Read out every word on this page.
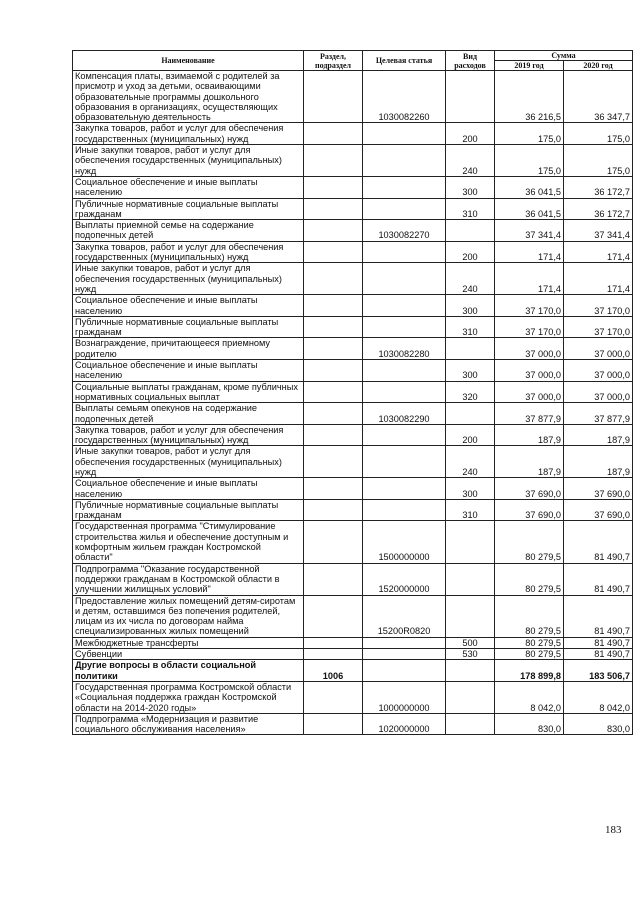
Наименование	Раздел, подраздел	Целевая статья	Вид расходов	Сумма	
				2019 год	2020 год
Компенсация платы, взимаемой с родителей за присмотр и уход за детьми, осваивающими образовательные программы дошкольного образования в организациях, осуществляющих образовательную деятельность		1030082260		36 216,5	36 347,7
Закупка товаров, работ и услуг для обеспечения государственных (муниципальных) нужд			200	175,0	175,0
Иные закупки товаров, работ и услуг для обеспечения государственных (муниципальных) нужд			240	175,0	175,0
Социальное обеспечение и иные выплаты населению			300	36 041,5	36 172,7
Публичные нормативные социальные выплаты гражданам			310	36 041,5	36 172,7
Выплаты приемной семье на содержание подопечных детей		1030082270		37 341,4	37 341,4
Закупка товаров, работ и услуг для обеспечения государственных (муниципальных) нужд			200	171,4	171,4
Иные закупки товаров, работ и услуг для обеспечения государственных (муниципальных) нужд			240	171,4	171,4
Социальное обеспечение и иные выплаты населению			300	37 170,0	37 170,0
Публичные нормативные социальные выплаты гражданам			310	37 170,0	37 170,0
Вознаграждение, причитающееся приемному родителю		1030082280		37 000,0	37 000,0
Социальное обеспечение и иные выплаты населению			300	37 000,0	37 000,0
Социальные выплаты гражданам, кроме публичных нормативных социальных выплат			320	37 000,0	37 000,0
Выплаты семьям опекунов на содержание подопечных детей		1030082290		37 877,9	37 877,9
Закупка товаров, работ и услуг для обеспечения государственных (муниципальных) нужд			200	187,9	187,9
Иные закупки товаров, работ и услуг для обеспечения государственных (муниципальных) нужд			240	187,9	187,9
Социальное обеспечение и иные выплаты населению			300	37 690,0	37 690,0
Публичные нормативные социальные выплаты гражданам			310	37 690,0	37 690,0
Государственная программа "Стимулирование строительства жилья и обеспечение доступным и комфортным жильем граждан Костромской области"		1500000000		80 279,5	81 490,7
Подпрограмма "Оказание государственной поддержки гражданам в Костромской области в улучшении жилищных условий"		1520000000		80 279,5	81 490,7
Предоставление жилых помещений детям-сиротам и детям, оставшимся без попечения родителей, лицам из их числа по договорам найма специализированных жилых помещений		15200R0820		80 279,5	81 490,7
Межбюджетные трансферты			500	80 279,5	81 490,7
Субвенции			530	80 279,5	81 490,7
Другие вопросы в области социальной политики	1006			178 899,8	183 506,7
Государственная программа Костромской области «Социальная поддержка граждан Костромской области на 2014-2020 годы»		1000000000		8 042,0	8 042,0
Подпрограмма «Модернизация и развитие социального обслуживания населения»		1020000000		830,0	830,0
183
